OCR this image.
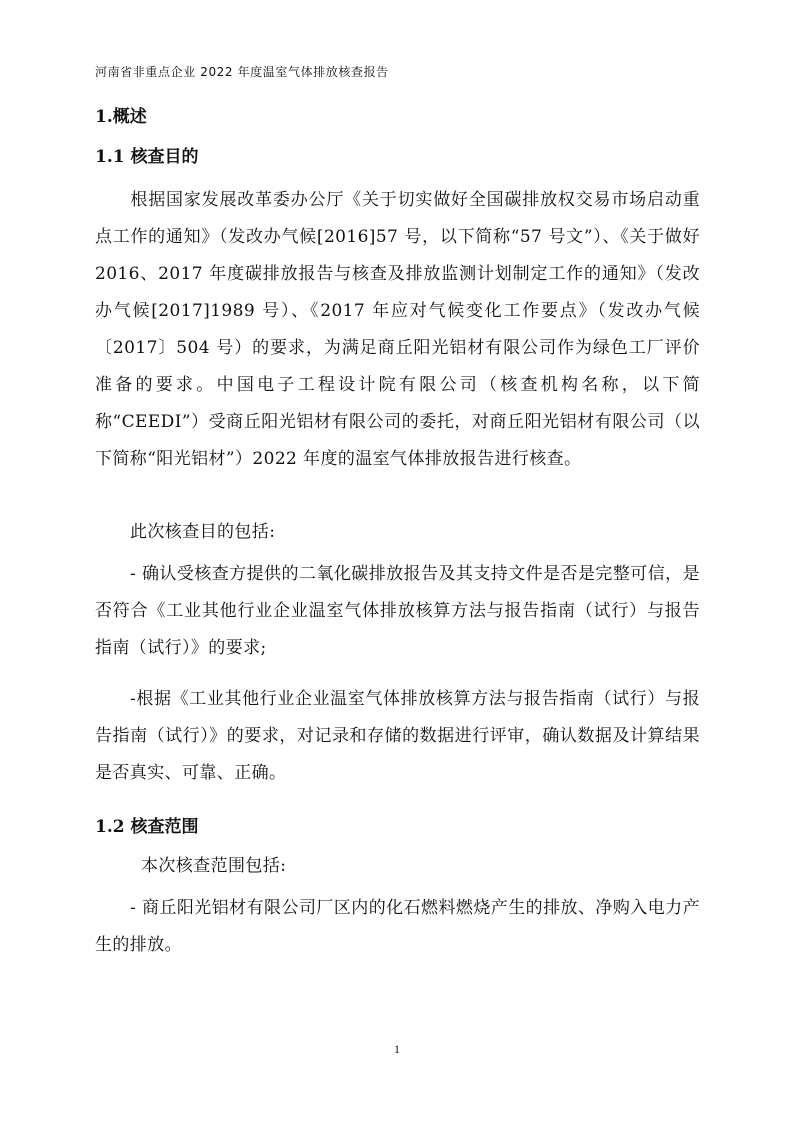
河南省非重点企业 2022 年度温室气体排放核查报告
1.概述
1.1 核查目的
根据国家发展改革委办公厅《关于切实做好全国碳排放权交易市场启动重点工作的通知》（发改办气候[2016]57 号，以下简称“57 号文”）、《关于做好 2016、2017 年度碳排放报告与核查及排放监测计划制定工作的通知》（发改办气候[2017]1989 号）、《2017 年应对气候变化工作要点》（发改办气候〔2017〕504 号）的要求，为满足商丘阳光铝材有限公司作为绿色工厂评价准备的要求。中国电子工程设计院有限公司（核查机构名称，以下简称“CEEDI”）受商丘阳光铝材有限公司的委托，对商丘阳光铝材有限公司（以下简称“阳光铝材”）2022 年度的温室气体排放报告进行核查。
此次核查目的包括:
- 确认受核查方提供的二氧化碳排放报告及其支持文件是否是完整可信，是否符合《工业其他行业企业温室气体排放核算方法与报告指南（试行）与报告指南（试行）》的要求;
-根据《工业其他行业企业温室气体排放核算方法与报告指南（试行）与报告指南（试行）》的要求，对记录和存储的数据进行评审，确认数据及计算结果是否真实、可靠、正确。
1.2 核查范围
本次核查范围包括:
- 商丘阳光铝材有限公司厂区内的化石燃料燃烧产生的排放、净购入电力产生的排放。
1
